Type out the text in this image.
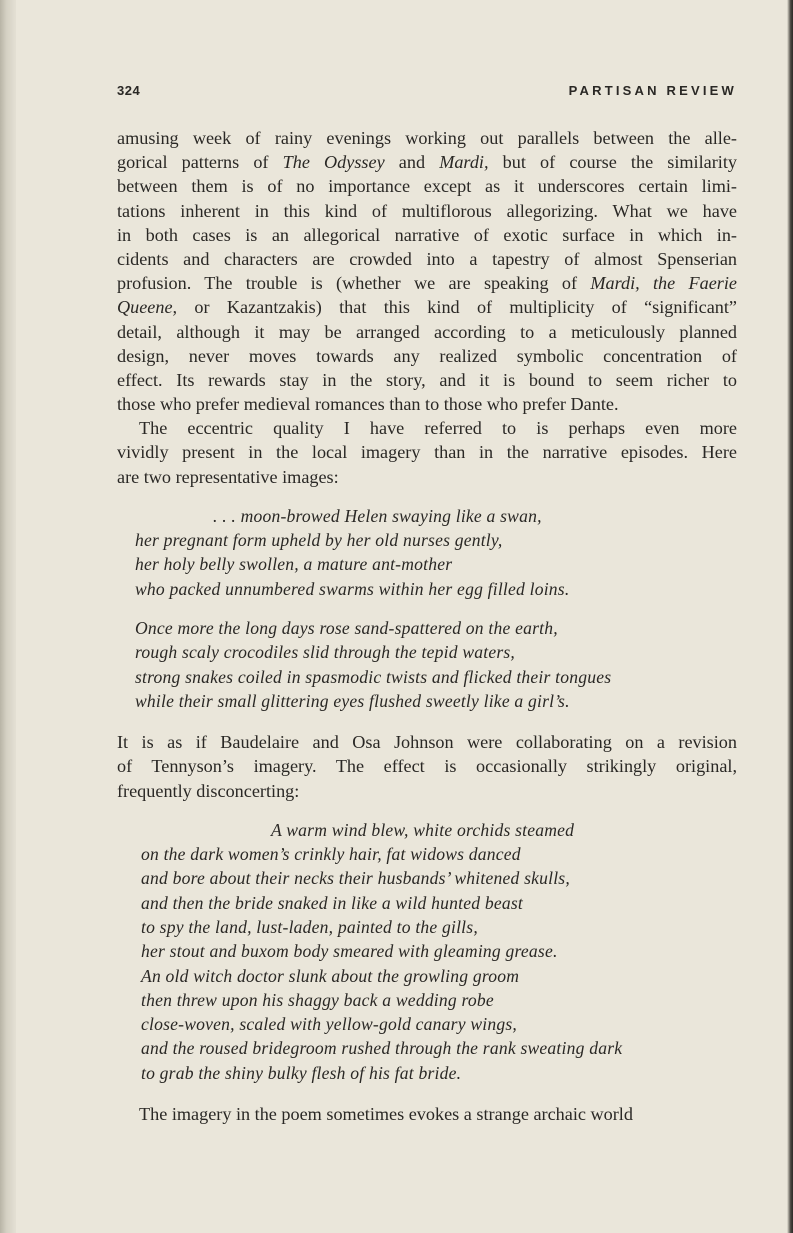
324	PARTISAN REVIEW
amusing week of rainy evenings working out parallels between the alle-
gorical patterns of The Odyssey and Mardi, but of course the similarity
between them is of no importance except as it underscores certain limi-
tations inherent in this kind of multiflorous allegorizing. What we have
in both cases is an allegorical narrative of exotic surface in which in-
cidents and characters are crowded into a tapestry of almost Spenserian
profusion. The trouble is (whether we are speaking of Mardi, the Faerie
Queene, or Kazantzakis) that this kind of multiplicity of “significant”
detail, although it may be arranged according to a meticulously planned
design, never moves towards any realized symbolic concentration of
effect. Its rewards stay in the story, and it is bound to seem richer to
those who prefer medieval romances than to those who prefer Dante.
The eccentric quality I have referred to is perhaps even more
vividly present in the local imagery than in the narrative episodes. Here
are two representative images:
. . . moon-browed Helen swaying like a swan,
her pregnant form upheld by her old nurses gently,
her holy belly swollen, a mature ant-mother
who packed unnumbered swarms within her egg filled loins.
Once more the long days rose sand-spattered on the earth,
rough scaly crocodiles slid through the tepid waters,
strong snakes coiled in spasmodic twists and flicked their tongues
while their small glittering eyes flushed sweetly like a girl’s.
It is as if Baudelaire and Osa Johnson were collaborating on a revision
of Tennyson’s imagery. The effect is occasionally strikingly original,
frequently disconcerting:
A warm wind blew, white orchids steamed
on the dark women’s crinkly hair, fat widows danced
and bore about their necks their husbands’ whitened skulls,
and then the bride snaked in like a wild hunted beast
to spy the land, lust-laden, painted to the gills,
her stout and buxom body smeared with gleaming grease.
An old witch doctor slunk about the growling groom
then threw upon his shaggy back a wedding robe
close-woven, scaled with yellow-gold canary wings,
and the roused bridegroom rushed through the rank sweating dark
to grab the shiny bulky flesh of his fat bride.
The imagery in the poem sometimes evokes a strange archaic world
